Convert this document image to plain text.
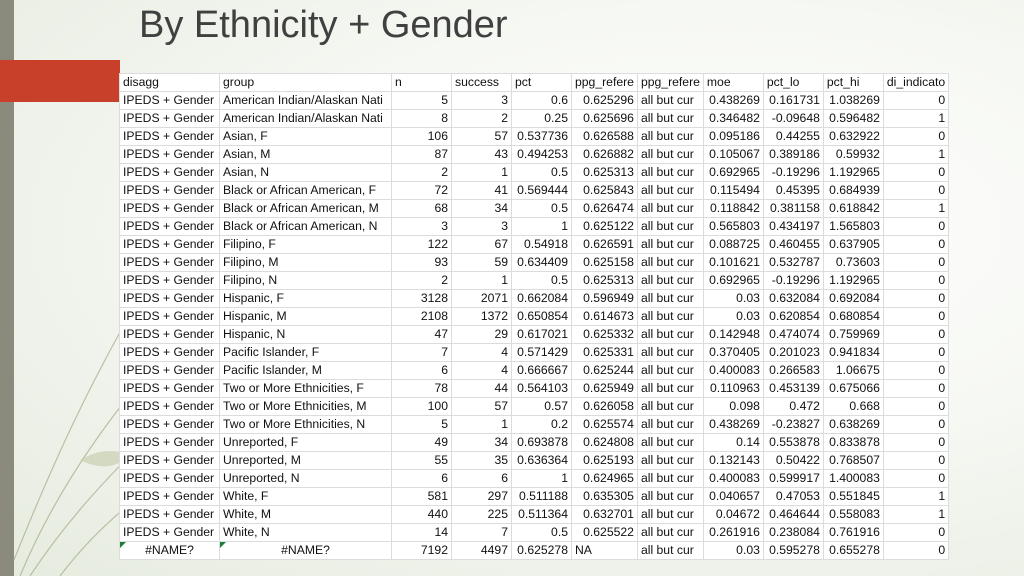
By Ethnicity + Gender
disagg	group	n	success	pct	ppg_refere	ppg_refere	moe	pct_lo	pct_hi	di_indicato
IPEDS + Gender	American Indian/Alaskan Nati	5	3	0.6	0.625296	all but cur	0.438269	0.161731	1.038269	0
IPEDS + Gender	American Indian/Alaskan Nati	8	2	0.25	0.625696	all but cur	0.346482	-0.09648	0.596482	1
IPEDS + Gender	Asian, F	106	57	0.537736	0.626588	all but cur	0.095186	0.44255	0.632922	0
IPEDS + Gender	Asian, M	87	43	0.494253	0.626882	all but cur	0.105067	0.389186	0.59932	1
IPEDS + Gender	Asian, N	2	1	0.5	0.625313	all but cur	0.692965	-0.19296	1.192965	0
IPEDS + Gender	Black or African American, F	72	41	0.569444	0.625843	all but cur	0.115494	0.45395	0.684939	0
IPEDS + Gender	Black or African American, M	68	34	0.5	0.626474	all but cur	0.118842	0.381158	0.618842	1
IPEDS + Gender	Black or African American, N	3	3	1	0.625122	all but cur	0.565803	0.434197	1.565803	0
IPEDS + Gender	Filipino, F	122	67	0.54918	0.626591	all but cur	0.088725	0.460455	0.637905	0
IPEDS + Gender	Filipino, M	93	59	0.634409	0.625158	all but cur	0.101621	0.532787	0.73603	0
IPEDS + Gender	Filipino, N	2	1	0.5	0.625313	all but cur	0.692965	-0.19296	1.192965	0
IPEDS + Gender	Hispanic, F	3128	2071	0.662084	0.596949	all but cur	0.03	0.632084	0.692084	0
IPEDS + Gender	Hispanic, M	2108	1372	0.650854	0.614673	all but cur	0.03	0.620854	0.680854	0
IPEDS + Gender	Hispanic, N	47	29	0.617021	0.625332	all but cur	0.142948	0.474074	0.759969	0
IPEDS + Gender	Pacific Islander, F	7	4	0.571429	0.625331	all but cur	0.370405	0.201023	0.941834	0
IPEDS + Gender	Pacific Islander, M	6	4	0.666667	0.625244	all but cur	0.400083	0.266583	1.06675	0
IPEDS + Gender	Two or More Ethnicities, F	78	44	0.564103	0.625949	all but cur	0.110963	0.453139	0.675066	0
IPEDS + Gender	Two or More Ethnicities, M	100	57	0.57	0.626058	all but cur	0.098	0.472	0.668	0
IPEDS + Gender	Two or More Ethnicities, N	5	1	0.2	0.625574	all but cur	0.438269	-0.23827	0.638269	0
IPEDS + Gender	Unreported, F	49	34	0.693878	0.624808	all but cur	0.14	0.553878	0.833878	0
IPEDS + Gender	Unreported, M	55	35	0.636364	0.625193	all but cur	0.132143	0.50422	0.768507	0
IPEDS + Gender	Unreported, N	6	6	1	0.624965	all but cur	0.400083	0.599917	1.400083	0
IPEDS + Gender	White, F	581	297	0.511188	0.635305	all but cur	0.040657	0.47053	0.551845	1
IPEDS + Gender	White, M	440	225	0.511364	0.632701	all but cur	0.04672	0.464644	0.558083	1
IPEDS + Gender	White, N	14	7	0.5	0.625522	all but cur	0.261916	0.238084	0.761916	0

#NAME?	#NAME?	7192	4497	0.625278	NA	all but cur	0.03	0.595278	0.655278	0
